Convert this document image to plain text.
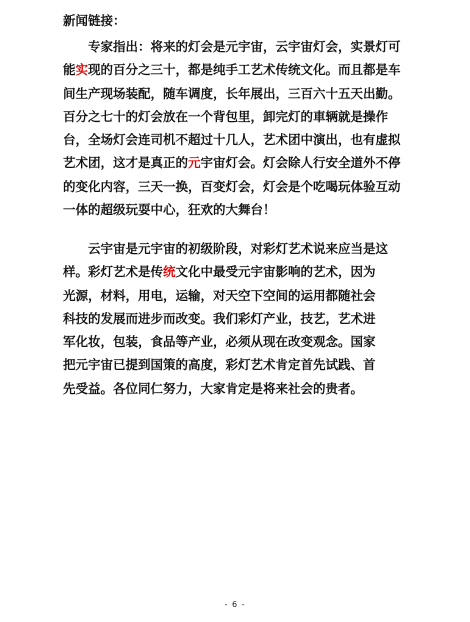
新闻链接：
专家指出：将来的灯会是元宇宙，云宇宙灯会，实景灯可
能实现的百分之三十，都是纯手工艺术传统文化。而且都是车
间生产现场装配，随车调度，长年展出，三百六十五天出勤。
百分之七十的灯会放在一个背包里，卸完灯的車辆就是操作
台，全场灯会连司机不超过十几人，艺术团中演出，也有虚拟
艺术团，这才是真正的元宇宙灯会。灯会除人行安全道外不停
的变化内容，三天一换，百变灯会，灯会是个吃喝玩体验互动
一体的超级玩耍中心，狂欢的大舞台！
云宇宙是元宇宙的初级阶段，对彩灯艺术说来应当是这
样。彩灯艺术是传统文化中最受元宇宙影响的艺术，因为
光源，材料，用电，运输，对天空下空间的运用都随社会
科技的发展而进步而改变。我们彩灯产业，技艺，艺术进
军化妆，包装，食品等产业，必须从现在改变观念。国家
把元宇宙已提到国策的高度，彩灯艺术肯定首先试践、首
先受益。各位同仁努力，大家肯定是将来社会的贵者。
- 6 -
